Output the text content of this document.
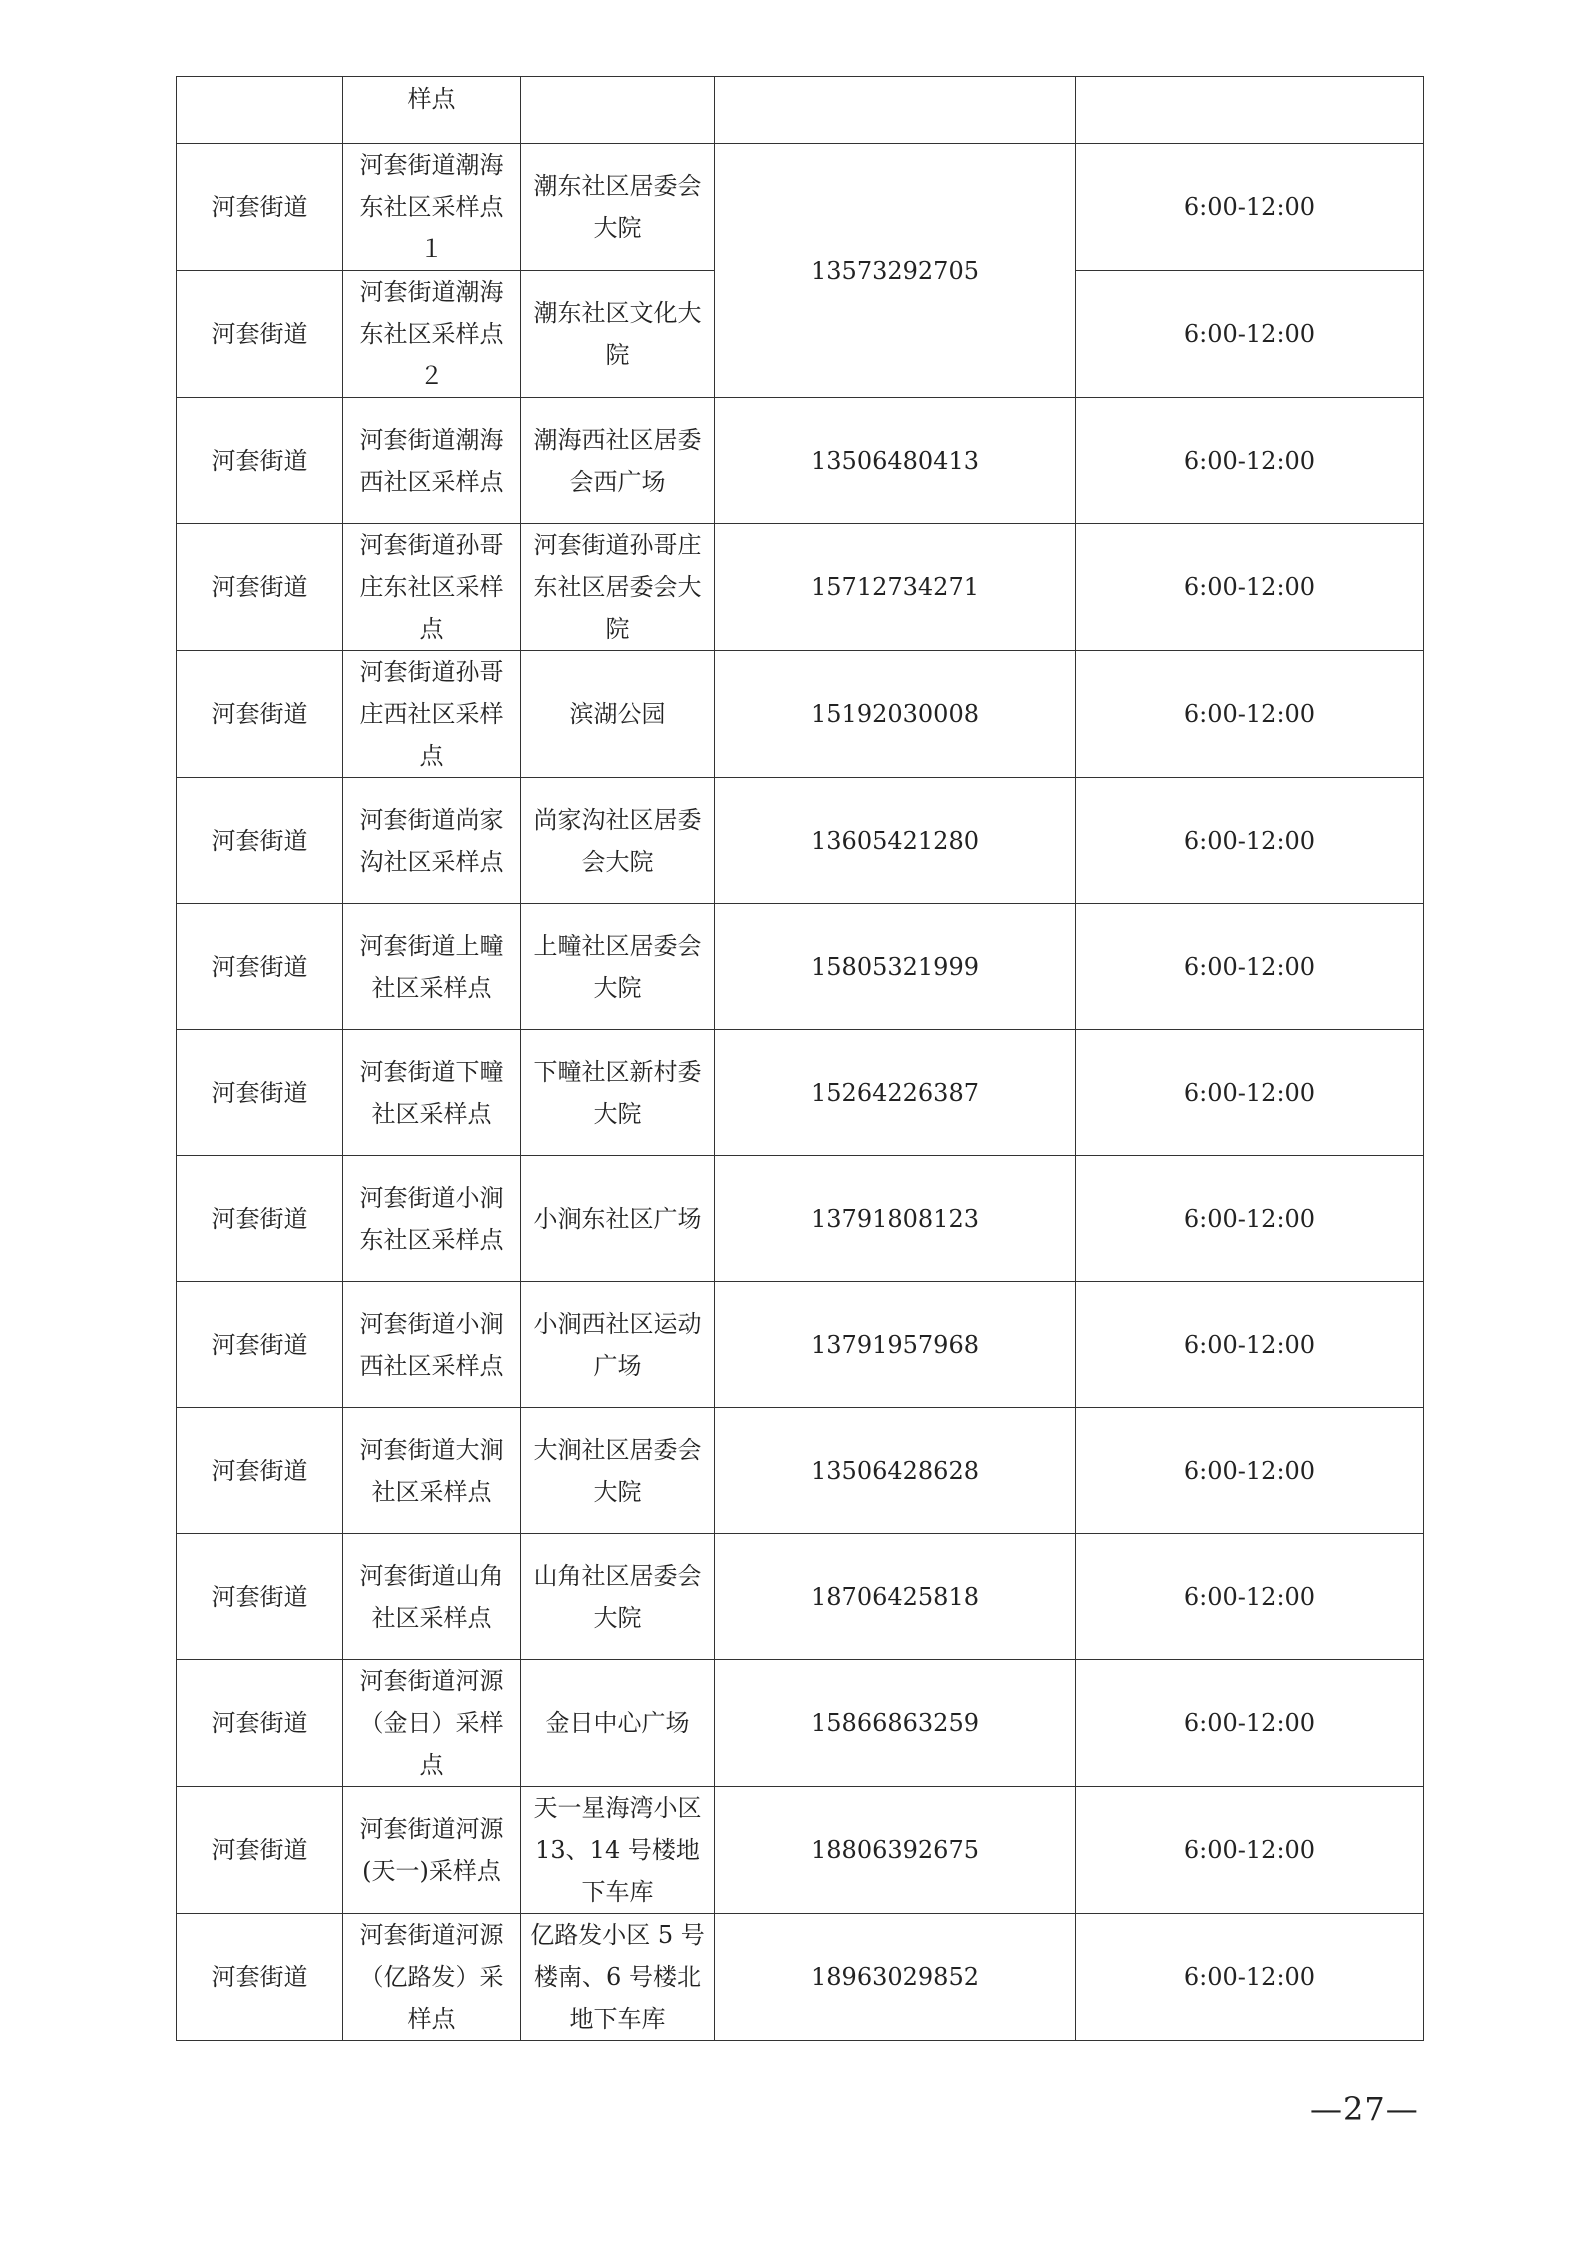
	样点			
河套街道	河套街道潮海东社区采样点１	潮东社区居委会大院	13573292705	6:00-12:00
河套街道	河套街道潮海东社区采样点２	潮东社区文化大院		6:00-12:00
河套街道	河套街道潮海西社区采样点	潮海西社区居委会西广场	13506480413	6:00-12:00
河套街道	河套街道孙哥庄东社区采样点	河套街道孙哥庄东社区居委会大院	15712734271	6:00-12:00
河套街道	河套街道孙哥庄西社区采样点	滨湖公园	15192030008	6:00-12:00
河套街道	河套街道尚家沟社区采样点	尚家沟社区居委会大院	13605421280	6:00-12:00
河套街道	河套街道上疃社区采样点	上疃社区居委会大院	15805321999	6:00-12:00
河套街道	河套街道下疃社区采样点	下疃社区新村委大院	15264226387	6:00-12:00
河套街道	河套街道小涧东社区采样点	小涧东社区广场	13791808123	6:00-12:00
河套街道	河套街道小涧西社区采样点	小涧西社区运动广场	13791957968	6:00-12:00
河套街道	河套街道大涧社区采样点	大涧社区居委会大院	13506428628	6:00-12:00
河套街道	河套街道山角社区采样点	山角社区居委会大院	18706425818	6:00-12:00
河套街道	河套街道河源（金日）采样点	金日中心广场	15866863259	6:00-12:00
河套街道	河套街道河源(天一)采样点	天一星海湾小区 13、14 号楼地下车库	18806392675	6:00-12:00
河套街道	河套街道河源（亿路发）采样点	亿路发小区 5 号楼南、6 号楼北地下车库	18963029852	6:00-12:00
—27—
